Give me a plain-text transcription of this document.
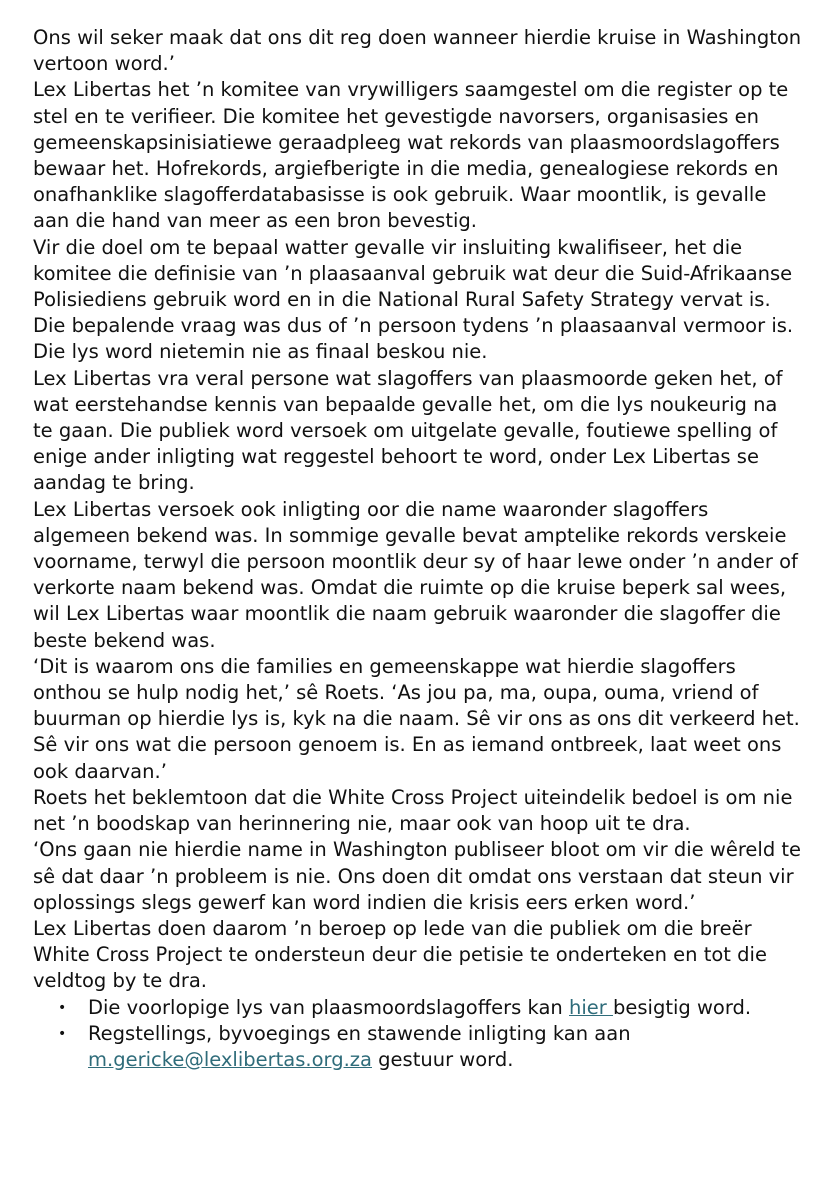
Ons wil seker maak dat ons dit reg doen wanneer hierdie kruise in Washington vertoon word.’

Lex Libertas het ’n komitee van vrywilligers saamgestel om die register op te stel en te verifieer. Die komitee het gevestigde navorsers, organisasies en gemeenskapsinisiatiewe geraadpleeg wat rekords van plaasmoordslagoffers bewaar het. Hofrekords, argiefberigte in die media, genealogiese rekords en onafhanklike slagofferdatabasisse is ook gebruik. Waar moontlik, is gevalle aan die hand van meer as een bron bevestig.

Vir die doel om te bepaal watter gevalle vir insluiting kwalifiseer, het die komitee die definisie van ’n plaasaanval gebruik wat deur die Suid-Afrikaanse Polisiediens gebruik word en in die National Rural Safety Strategy vervat is. Die bepalende vraag was dus of ’n persoon tydens ’n plaasaanval vermoor is.

Die lys word nietemin nie as finaal beskou nie.

Lex Libertas vra veral persone wat slagoffers van plaasmoorde geken het, of wat eerstehandse kennis van bepaalde gevalle het, om die lys noukeurig na te gaan. Die publiek word versoek om uitgelate gevalle, foutiewe spelling of enige ander inligting wat reggestel behoort te word, onder Lex Libertas se aandag te bring.

Lex Libertas versoek ook inligting oor die name waaronder slagoffers algemeen bekend was. In sommige gevalle bevat amptelike rekords verskeie voorname, terwyl die persoon moontlik deur sy of haar lewe onder ’n ander of verkorte naam bekend was. Omdat die ruimte op die kruise beperk sal wees, wil Lex Libertas waar moontlik die naam gebruik waaronder die slagoffer die beste bekend was.

‘Dit is waarom ons die families en gemeenskappe wat hierdie slagoffers onthou se hulp nodig het,’ sê Roets. ‘As jou pa, ma, oupa, ouma, vriend of buurman op hierdie lys is, kyk na die naam. Sê vir ons as ons dit verkeerd het. Sê vir ons wat die persoon genoem is. En as iemand ontbreek, laat weet ons ook daarvan.’

Roets het beklemtoon dat die White Cross Project uiteindelik bedoel is om nie net ’n boodskap van herinnering nie, maar ook van hoop uit te dra.

‘Ons gaan nie hierdie name in Washington publiseer bloot om vir die wêreld te sê dat daar ’n probleem is nie. Ons doen dit omdat ons verstaan dat steun vir oplossings slegs gewerf kan word indien die krisis eers erken word.’

Lex Libertas doen daarom ’n beroep op lede van die publiek om die breër White Cross Project te ondersteun deur die petisie te onderteken en tot die veldtog by te dra.

• Die voorlopige lys van plaasmoordslagoffers kan hier besigtig word.
• Regstellings, byvoegings en stawende inligting kan aan m.gericke@lexlibertas.org.za gestuur word.
